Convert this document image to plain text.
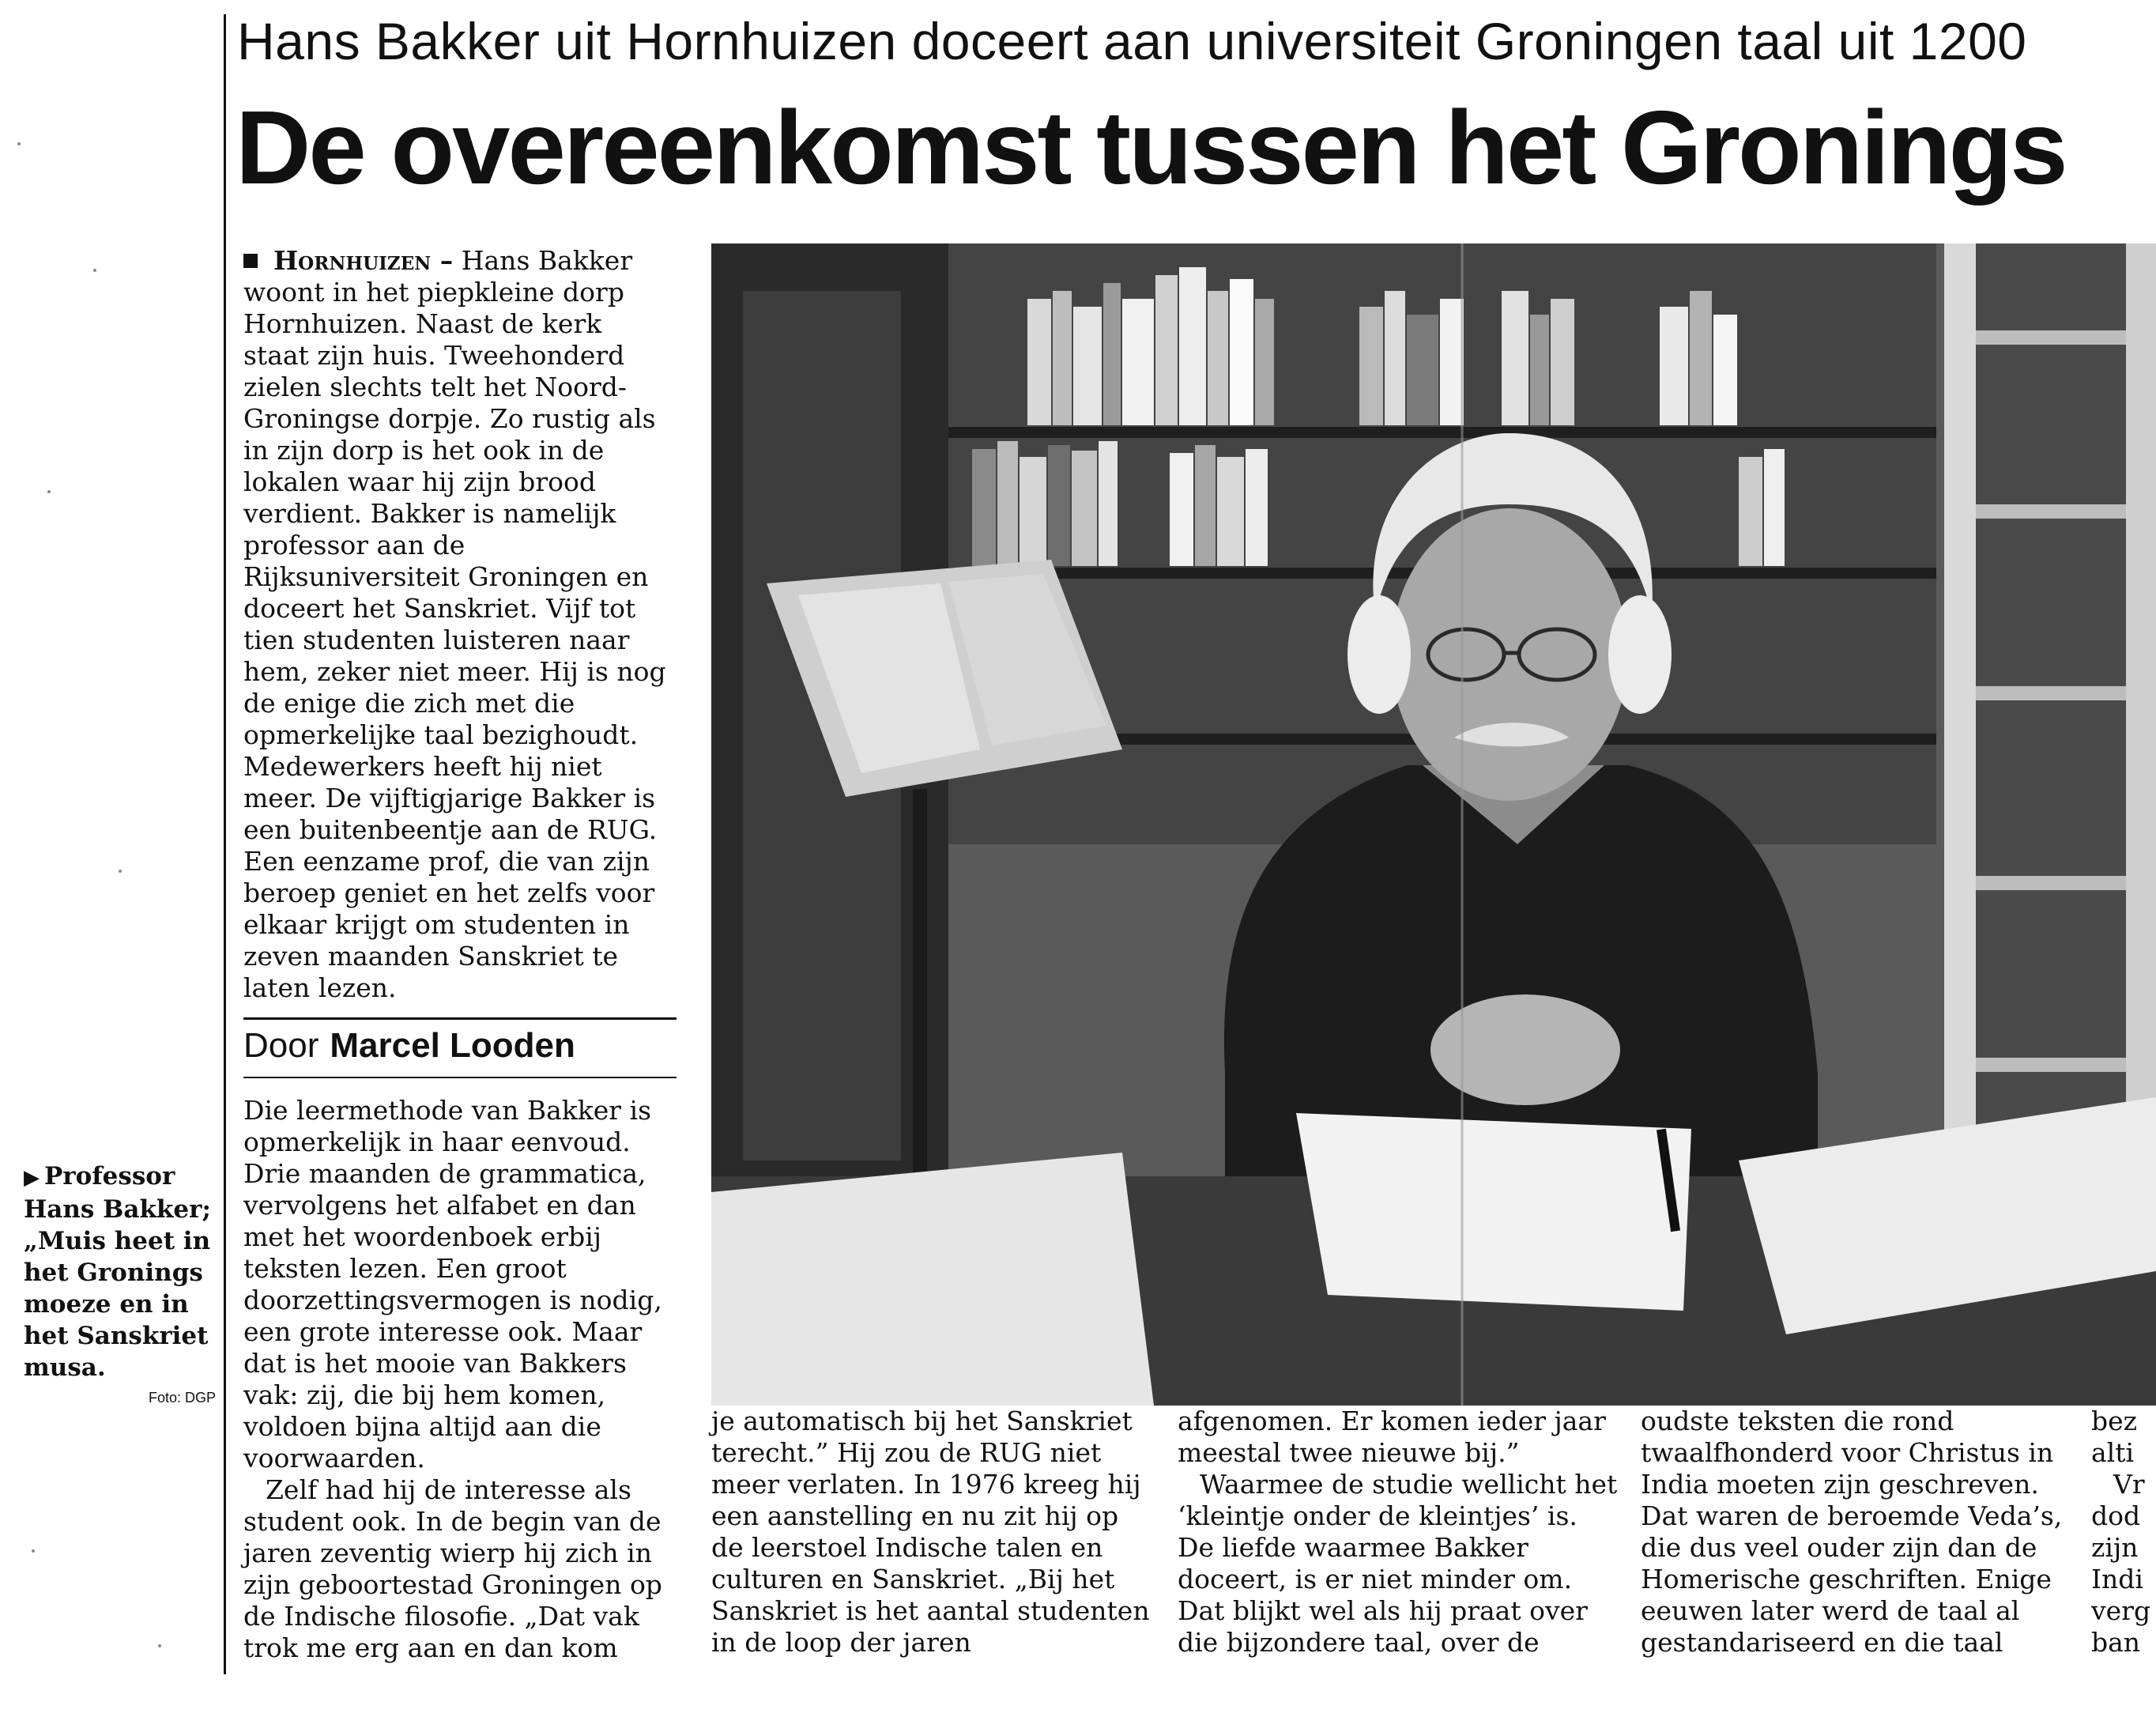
Hans Bakker uit Hornhuizen doceert aan universiteit Groningen taal uit 1200
De overeenkomst tussen het Gronings

Hornhuizen – Hans Bakker woont in het piepkleine dorp Hornhuizen. Naast de kerk staat zijn huis. Tweehonderd zielen slechts telt het Noord-Groningse dorpje. Zo rustig als in zijn dorp is het ook in de lokalen waar hij zijn brood verdient. Bakker is namelijk professor aan de Rijksuniversiteit Groningen en doceert het Sanskriet. Vijf tot tien studenten luisteren naar hem, zeker niet meer. Hij is nog de enige die zich met die opmerkelijke taal bezighoudt. Medewerkers heeft hij niet meer. De vijftigjarige Bakker is een buitenbeentje aan de RUG. Een eenzame prof, die van zijn beroep geniet en het zelfs voor elkaar krijgt om studenten in zeven maanden Sanskriet te laten lezen.

Door Marcel Looden

Die leermethode van Bakker is opmerkelijk in haar eenvoud. Drie maanden de grammatica, vervolgens het alfabet en dan met het woordenboek erbij teksten lezen. Een groot doorzettingsvermogen is nodig, een grote interesse ook. Maar dat is het mooie van Bakkers vak: zij, die bij hem komen, voldoen bijna altijd aan die voorwaarden.

Zelf had hij de interesse als student ook. In de begin van de jaren zeventig wierp hij zich in zijn geboortestad Groningen op de Indische filosofie. „Dat vak trok me erg aan en dan kom

je automatisch bij het Sanskriet terecht.” Hij zou de RUG niet meer verlaten. In 1976 kreeg hij een aanstelling en nu zit hij op de leerstoel Indische talen en culturen en Sanskriet. „Bij het Sanskriet is het aantal studenten in de loop der jaren

afgenomen. Er komen ieder jaar meestal twee nieuwe bij.”

Waarmee de studie wellicht het ‘kleintje onder de kleintjes’ is. De liefde waarmee Bakker doceert, is er niet minder om. Dat blijkt wel als hij praat over die bijzondere taal, over de

oudste teksten die rond twaalfhonderd voor Christus in India moeten zijn geschreven. Dat waren de beroemde Veda’s, die dus veel ouder zijn dan de Homerische geschriften. Enige eeuwen later werd de taal al gestandariseerd en die taal

bez

alti

Vr

dod

zijn

Indi

verg

ban

▶ Professor
Hans Bakker;
„Muis heet in
het Gronings
moeze en in
het Sanskriet
musa.
Foto: DGP
